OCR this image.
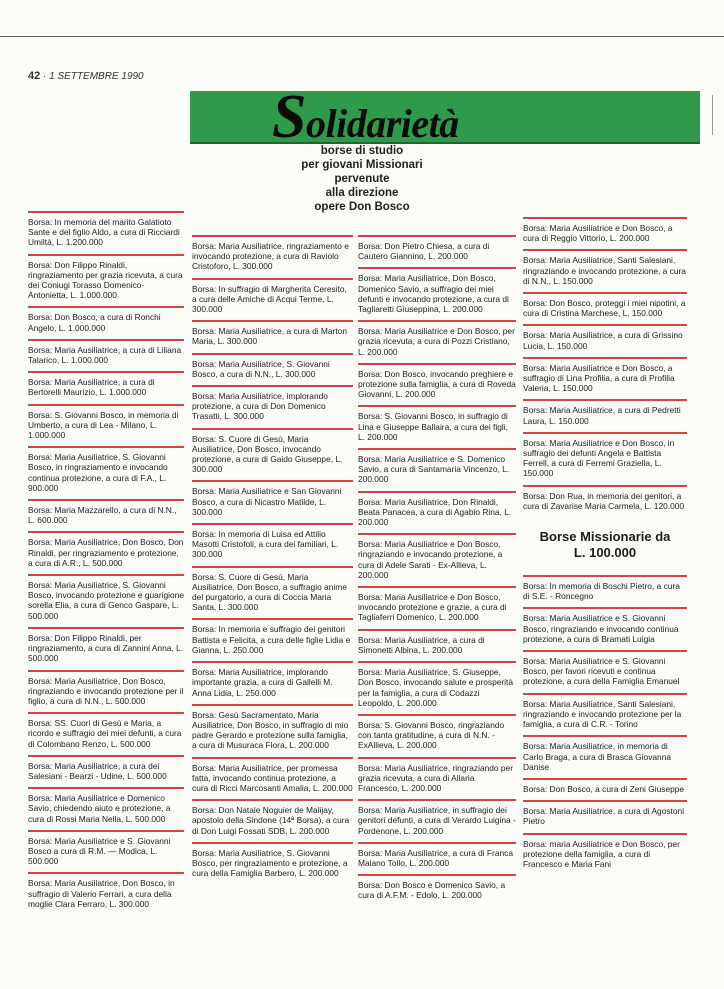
42 · 1 SETTEMBRE 1990
Solidarietà
borse di studio
per giovani Missionari
pervenute
alla direzione
opere Don Bosco
Borsa: In memoria del marito Galatioto Sante e del figlio Aldo, a cura di Ricciardi Umiltà, L. 1.200.000
Borsa: Don Filippo Rinaldi, ringraziamento per grazia ricevuta, a cura dei Coniugi Torasso Domenico-Antonietta, L. 1.000.000
Borsa: Don Bosco, a cura di Ronchi Angelo, L. 1.000.000
Borsa: Maria Ausiliatrice, a cura di Liliana Talarico, L. 1.000.000
Borsa: Maria Ausiliatrice, a cura di Bertorelli Maurizio, L. 1.000.000
Borsa: S. Giovanni Bosco, in memoria di Umberto, a cura di Lea - Milano, L. 1.000.000
Borsa: Maria Ausiliatrice, S. Giovanni Bosco, in ringraziamento e invocando continua protezione, a cura di F.A., L. 900.000
Borsa: Maria Mazzarello, a cura di N.N., L. 600.000
Borsa: Maria Ausiliatrice, Don Bosco, Don Rinaldi, per ringraziamento e protezione, a cura di A.R., L. 500.000
Borsa: Maria Ausiliatrice, S. Giovanni Bosco, invocando protezione e guarigione sorella Elia, a cura di Genco Gaspare, L. 500.000
Borsa: Don Filippo Rinaldi, per ringraziamento, a cura di Zannini Anna, L. 500.000
Borsa: Maria Ausiliatrice, Don Bosco, ringraziando e invocando protezione per il figlio, a cura di N.N., L. 500.000
Borsa: SS. Cuori di Gesù e Maria, a ricordo e suffragio dei miei defunti, a cura di Colombano Renzo, L. 500.000
Borsa: Maria Ausiliatrice, a cura dei Salesiani - Bearzi - Udine, L. 500.000
Borsa: Maria Ausiliatrice e Domenico Savio, chiedendo aiuto e protezione, a cura di Rossi Maria Nella, L. 500.000
Borsa: Maria Ausiliatrice e S. Giovanni Bosco a cura di R.M. — Modica, L. 500.000
Borsa: Maria Ausiliatrice, Don Bosco, in suffragio di Valerio Ferrari, a cura della moglie Clara Ferraro, L. 300.000
Borsa: Maria Ausiliatrice, ringraziamento e invocando protezione, a cura di Raviolo Cristoforo, L. 300.000
Borsa: In suffragio di Margherita Ceresito, a cura delle Amiche di Acqui Terme, L. 300.000
Borsa: Maria Ausiliatrice, a cura di Marton Maria, L. 300.000
Borsa: Maria Ausiliatrice, S. Giovanni Bosco, a cura di N.N., L. 300.000
Borsa: Maria Ausiliatrice, implorando protezione, a cura di Don Domenico Trasatti, L. 300.000
Borsa: S. Cuore di Gesù, Maria Ausiliatrice, Don Bosco, invocando protezione, a cura di Gaido Giuseppe, L. 300.000
Borsa: Maria Ausiliatrice e San Giovanni Bosco, a cura di Nicastro Matilde, L. 300.000
Borsa: In memoria di Luisa ed Attilio Masotti Cristofoli, a cura dei familiari, L. 300.000
Borsa: S. Cuore di Gesù, Maria Ausiliatrice, Don Bosco, a suffragio anime del purgatorio, a cura di Coccia Maria Santa, L. 300.000
Borsa: In memoria e suffragio dei genitori Battista e Felicita, a cura delle figlie Lidia e Gianna, L. 250.000
Borsa: Maria Ausiliatrice, implorando importante grazia, a cura di Gallelli M. Anna Lidia, L. 250.000
Borsa: Gesù Sacramentato, Maria Ausiliatrice, Don Bosco, in suffragio di mio padre Gerardo e protezione sulla famiglia, a cura di Musuraca Flora, L. 200.000
Borsa: Maria Ausiliatrice, per promessa fatta, invocando continua protezione, a cura di Ricci Marcosanti Amalia, L. 200.000
Borsa: Don Natale Noguier de Malijay, apostolo della Sindone (14ª Borsa), a cura di Don Luigi Fossati SDB, L. 200.000
Borsa: Maria Ausiliatrice, S. Giovanni Bosco, per ringraziamento e protezione, a cura della Famiglia Barbero, L. 200.000
Borsa: Don Pietro Chiesa, a cura di Cautero Giannino, L. 200.000
Borsa: Maria Ausiliatrice, Don Bosco, Domenico Savio, a suffragio dei miei defunti e invocando protezione, a cura di Tagliaretti Giuseppina, L. 200.000
Borsa: Maria Ausiliatrice e Don Bosco, per grazia ricevuta, a cura di Pozzi Cristiano, L. 200.000
Borsa: Don Bosco, invocando preghiere e protezione sulla famiglia, a cura di Roveda Giovanni, L. 200.000
Borsa: S. Giovanni Bosco, in suffragio di Lina e Giuseppe Ballaira, a cura dei figli, L. 200.000
Borsa: Maria Ausiliatrice e S. Domenico Savio, a cura di Santamaria Vincenzo, L. 200.000
Borsa: Maria Ausiliatrice, Don Rinaldi, Beata Panacea, a cura di Agabio Rina, L. 200.000
Borsa: Maria Ausiliatrice e Don Bosco, ringraziando e invocando protezione, a cura di Adele Sarati - Ex-Allieva, L. 200.000
Borsa: Maria Ausiliatrice e Don Bosco, invocando protezione e grazie, a cura di Tagliaferri Domenico, L. 200.000
Borsa: Maria Ausiliatrice, a cura di Simonetti Albina, L. 200.000
Borsa: Maria Ausiliatrice, S. Giuseppe, Don Bosco, invocando salute e prosperità per la famiglia, a cura di Codazzi Leopoldo, L. 200.000
Borsa: S. Giovanni Bosco, ringraziando con tanta gratitudine, a cura di N.N. - ExAllieva, L. 200.000
Borsa: Maria Ausiliatrice, ringraziando per grazia ricevuta, a cura di Allaria Francesco, L. 200.000
Borsa: Maria Ausiliatrice, in suffragio dei genitori defunti, a cura di Verardo Luigina - Pordenone, L. 200.000
Borsa: Maria Ausiliatrice, a cura di Franca Malano Tollo, L. 200.000
Borsa: Don Bosco e Domenico Savio, a cura di A.F.M. - Edolo, L. 200.000
Borsa: Maria Ausiliatrice e Don Bosco, a cura di Reggio Vittorio, L. 200.000
Borsa: Maria Ausiliatrice, Santi Salesiani, ringraziando e invocando protezione, a cura di N.N., L. 150.000
Borsa: Don Bosco, proteggi i miei nipotini, a cura di Cristina Marchese, L. 150.000
Borsa: Maria Ausiliatrice, a cura di Grissino Lucia, L. 150.000
Borsa: Maria Ausiliatrice e Don Bosco, a suffragio di Lina Profilia, a cura di Profilia Valeria, L. 150.000
Borsa: Maria Ausiliatrice, a cura di Pedretti Laura, L. 150.000
Borsa: Maria Ausiliatrice e Don Bosco, in suffragio dei defunti Angela e Battista Ferrell, a cura di Ferremi Graziella, L. 150.000
Borsa: Don Rua, in memoria dei genitori, a cura di Zavarise Maria Carmela, L. 120.000
Borse Missionarie da
L. 100.000
Borsa: In memoria di Boschi Pietro, a cura di S.E. - Roncegno
Borsa: Maria Ausiliatrice e S. Giovanni Bosco, ringraziando e invocando continua protezione, a cura di Bramati Luigia
Borsa: Maria Ausiliatrice e S. Giovanni Bosco, per favori ricevuti e continua protezione, a cura della Famiglia Emanuel
Borsa: Maria Ausiliatrice, Santi Salesiani, ringraziando e invocando protezione per la famiglia, a cura di C.R. - Torino
Borsa: Maria Ausiliatrice, in memoria di Carlo Braga, a cura di Brasca Giovanna Danise
Borsa: Don Bosco, a cura di Zeni Giuseppe
Borsa: Maria Ausiliatrice, a cura di Agostoni Pietro
Borsa: maria Ausiliatrice e Don Bosco, per protezione della famiglia, a cura di Francesco e Maria Fani
